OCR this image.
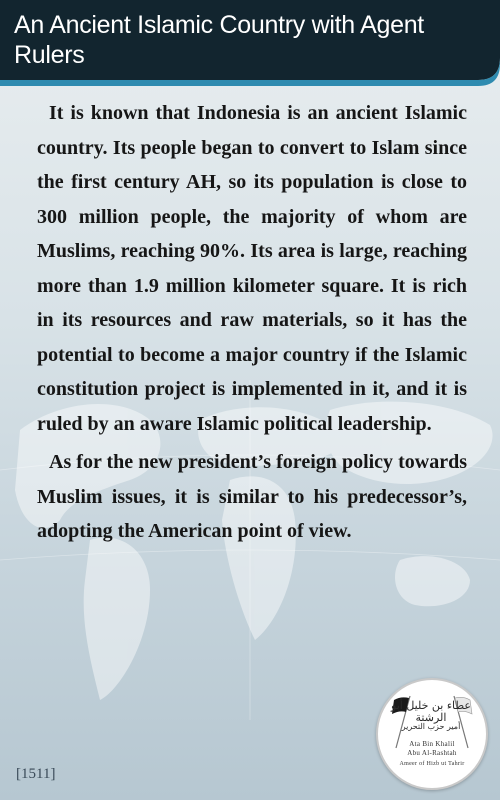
An Ancient Islamic Country with Agent Rulers

It is known that Indonesia is an ancient Islamic country. Its people began to convert to Islam since the first century AH, so its population is close to 300 million people, the majority of whom are Muslims, reaching 90%. Its area is large, reaching more than 1.9 million kilometer square. It is rich in its resources and raw materials, so it has the potential to become a major country if the Islamic constitution project is implemented in it, and it is ruled by an aware Islamic political leadership.

As for the new president’s foreign policy towards Muslim issues, it is similar to his predecessor’s, adopting the American point of view.

عطاء بن خليل أبو الرشتة
أمير حزب التحرير
Ata Bin Khalil
Abu Al-Rashtah
Ameer of Hizb ut Tahrir
[1511]
